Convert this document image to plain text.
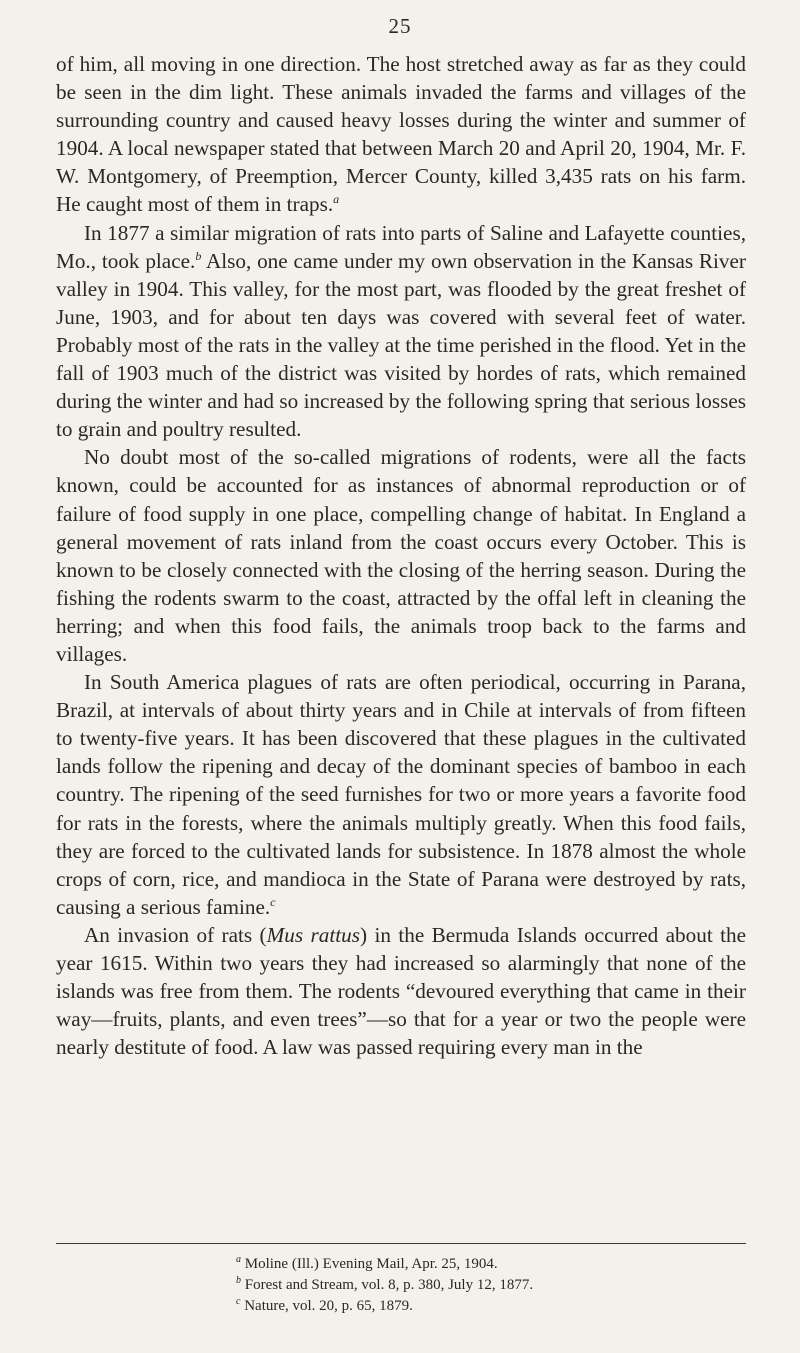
25

of him, all moving in one direction. The host stretched away as far as they could be seen in the dim light. These animals invaded the farms and villages of the surrounding country and caused heavy losses during the winter and summer of 1904. A local newspaper stated that between March 20 and April 20, 1904, Mr. F. W. Montgomery, of Preemption, Mercer County, killed 3,435 rats on his farm. He caught most of them in traps.$^a$

In 1877 a similar migration of rats into parts of Saline and Lafayette counties, Mo., took place.$^b$ Also, one came under my own observation in the Kansas River valley in 1904. This valley, for the most part, was flooded by the great freshet of June, 1903, and for about ten days was covered with several feet of water. Probably most of the rats in the valley at the time perished in the flood. Yet in the fall of 1903 much of the district was visited by hordes of rats, which remained during the winter and had so increased by the following spring that serious losses to grain and poultry resulted.

No doubt most of the so-called migrations of rodents, were all the facts known, could be accounted for as instances of abnormal reproduction or of failure of food supply in one place, compelling change of habitat. In England a general movement of rats inland from the coast occurs every October. This is known to be closely connected with the closing of the herring season. During the fishing the rodents swarm to the coast, attracted by the offal left in cleaning the herring; and when this food fails, the animals troop back to the farms and villages.

In South America plagues of rats are often periodical, occurring in Parana, Brazil, at intervals of about thirty years and in Chile at intervals of from fifteen to twenty-five years. It has been discovered that these plagues in the cultivated lands follow the ripening and decay of the dominant species of bamboo in each country. The ripening of the seed furnishes for two or more years a favorite food for rats in the forests, where the animals multiply greatly. When this food fails, they are forced to the cultivated lands for subsistence. In 1878 almost the whole crops of corn, rice, and mandioca in the State of Parana were destroyed by rats, causing a serious famine.$^c$

An invasion of rats (Mus rattus) in the Bermuda Islands occurred about the year 1615. Within two years they had increased so alarmingly that none of the islands was free from them. The rodents “devoured everything that came in their way—fruits, plants, and even trees”—so that for a year or two the people were nearly destitute of food. A law was passed requiring every man in the

$^a$ Moline (Ill.) Evening Mail, Apr. 25, 1904.
$^b$ Forest and Stream, vol. 8, p. 380, July 12, 1877.
$^c$ Nature, vol. 20, p. 65, 1879.
